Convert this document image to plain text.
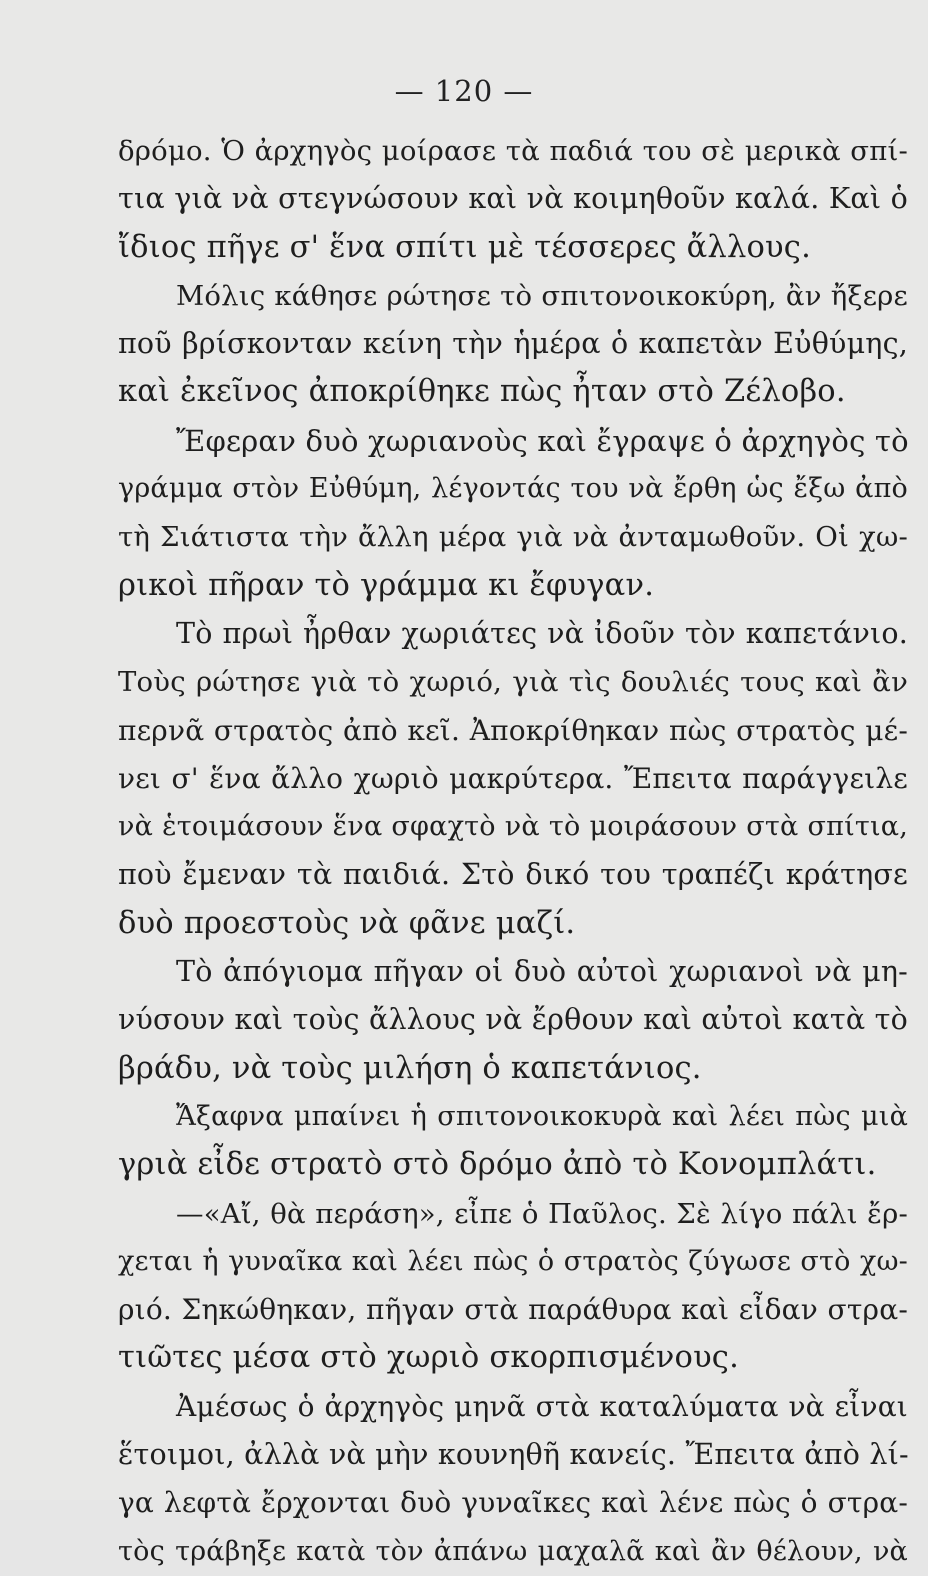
— 120 —
δρόμο. Ὁ ἀρχηγὸς μοίρασε τὰ παδιά του σὲ μερικὰ σπί-
τια γιὰ νὰ στεγνώσουν καὶ νὰ κοιμηθοῦν καλά. Καὶ ὁ
ἴδιος πῆγε σ' ἕνα σπίτι μὲ τέσσερες ἄλλους.
Μόλις κάθησε ρώτησε τὸ σπιτονοικοκύρη, ἂν ἤξερε
ποῦ βρίσκονταν κείνη τὴν ἡμέρα ὁ καπετὰν Εὐθύμης,
καὶ ἐκεῖνος ἀποκρίθηκε πὼς ἦταν στὸ Ζέλοβο.
Ἔφεραν δυὸ χωριανοὺς καὶ ἔγραψε ὁ ἀρχηγὸς τὸ
γράμμα στὸν Εὐθύμη, λέγοντάς του νὰ ἔρθη ὡς ἔξω ἀπὸ
τὴ Σιάτιστα τὴν ἄλλη μέρα γιὰ νὰ ἀνταμωθοῦν. Οἱ χω-
ρικοὶ πῆραν τὸ γράμμα κι ἔφυγαν.
Τὸ πρωὶ ἦρθαν χωριάτες νὰ ἰδοῦν τὸν καπετάνιο.
Τοὺς ρώτησε γιὰ τὸ χωριό, γιὰ τὶς δουλιές τους καὶ ἂν
περνᾶ στρατὸς ἀπὸ κεῖ. Ἀποκρίθηκαν πὼς στρατὸς μέ-
νει σ' ἕνα ἄλλο χωριὸ μακρύτερα. Ἔπειτα παράγγειλε
νὰ ἑτοιμάσουν ἕνα σφαχτὸ νὰ τὸ μοιράσουν στὰ σπίτια,
ποὺ ἔμεναν τὰ παιδιά. Στὸ δικό του τραπέζι κράτησε
δυὸ προεστοὺς νὰ φᾶνε μαζί.
Τὸ ἀπόγιομα πῆγαν οἱ δυὸ αὐτοὶ χωριανοὶ νὰ μη-
νύσουν καὶ τοὺς ἄλλους νὰ ἔρθουν καὶ αὐτοὶ κατὰ τὸ
βράδυ, νὰ τοὺς μιλήση ὁ καπετάνιος.
Ἄξαφνα μπαίνει ἡ σπιτονοικοκυρὰ καὶ λέει πὼς μιὰ
γριὰ εἶδε στρατὸ στὸ δρόμο ἀπὸ τὸ Κονομπλάτι.
—«Αἴ, θὰ περάση», εἶπε ὁ Παῦλος. Σὲ λίγο πάλι ἔρ-
χεται ἡ γυναῖκα καὶ λέει πὼς ὁ στρατὸς ζύγωσε στὸ χω-
ριό. Σηκώθηκαν, πῆγαν στὰ παράθυρα καὶ εἶδαν στρα-
τιῶτες μέσα στὸ χωριὸ σκορπισμένους.
Ἀμέσως ὁ ἀρχηγὸς μηνᾶ στὰ καταλύματα νὰ εἶναι
ἕτοιμοι, ἀλλὰ νὰ μὴν κουνηθῆ κανείς. Ἔπειτα ἀπὸ λί-
γα λεφτὰ ἔρχονται δυὸ γυναῖκες καὶ λένε πὼς ὁ στρα-
τὸς τράβηξε κατὰ τὸν ἀπάνω μαχαλᾶ καὶ ἂν θέλουν, νὰ
